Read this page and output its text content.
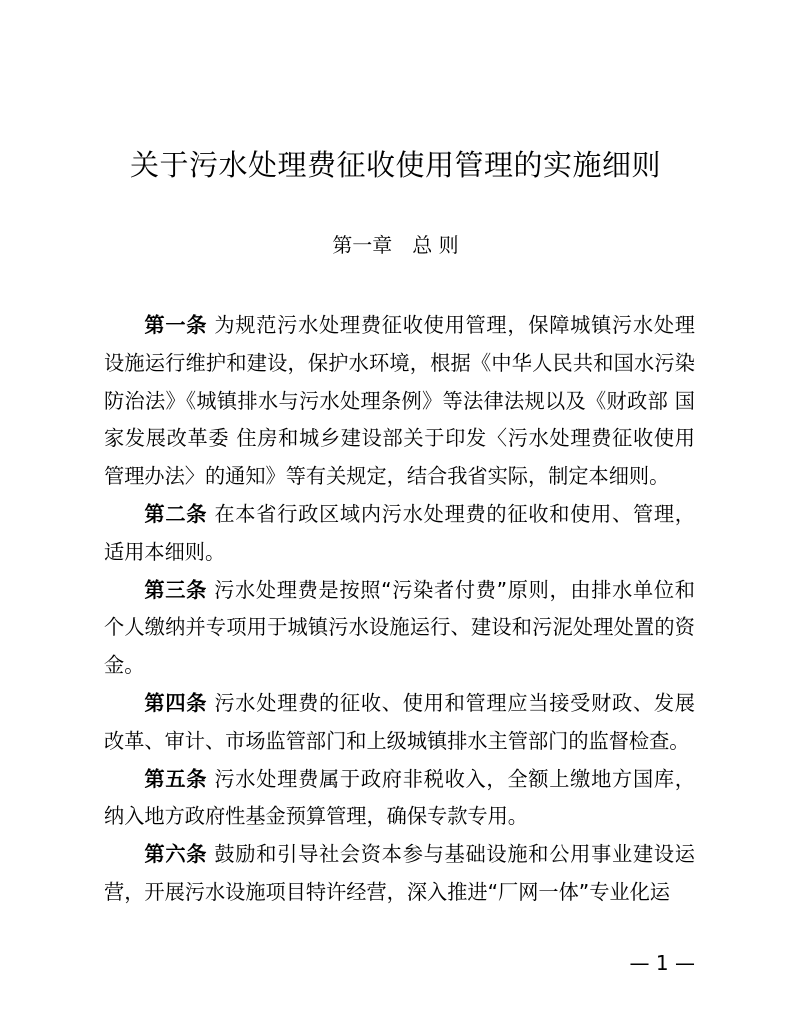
关于污水处理费征收使用管理的实施细则
第一章　总 则

第一条 为规范污水处理费征收使用管理，保障城镇污水处理设施运行维护和建设，保护水环境，根据《中华人民共和国水污染防治法》《城镇排水与污水处理条例》等法律法规以及《财政部 国家发展改革委 住房和城乡建设部关于印发〈污水处理费征收使用管理办法〉的通知》等有关规定，结合我省实际，制定本细则。

第二条 在本省行政区域内污水处理费的征收和使用、管理，适用本细则。

第三条 污水处理费是按照“污染者付费”原则，由排水单位和个人缴纳并专项用于城镇污水设施运行、建设和污泥处理处置的资金。

第四条 污水处理费的征收、使用和管理应当接受财政、发展改革、审计、市场监管部门和上级城镇排水主管部门的监督检查。

第五条 污水处理费属于政府非税收入，全额上缴地方国库，纳入地方政府性基金预算管理，确保专款专用。

第六条 鼓励和引导社会资本参与基础设施和公用事业建设运营，开展污水设施项目特许经营，深入推进“厂网一体”专业化运

— 1 —
